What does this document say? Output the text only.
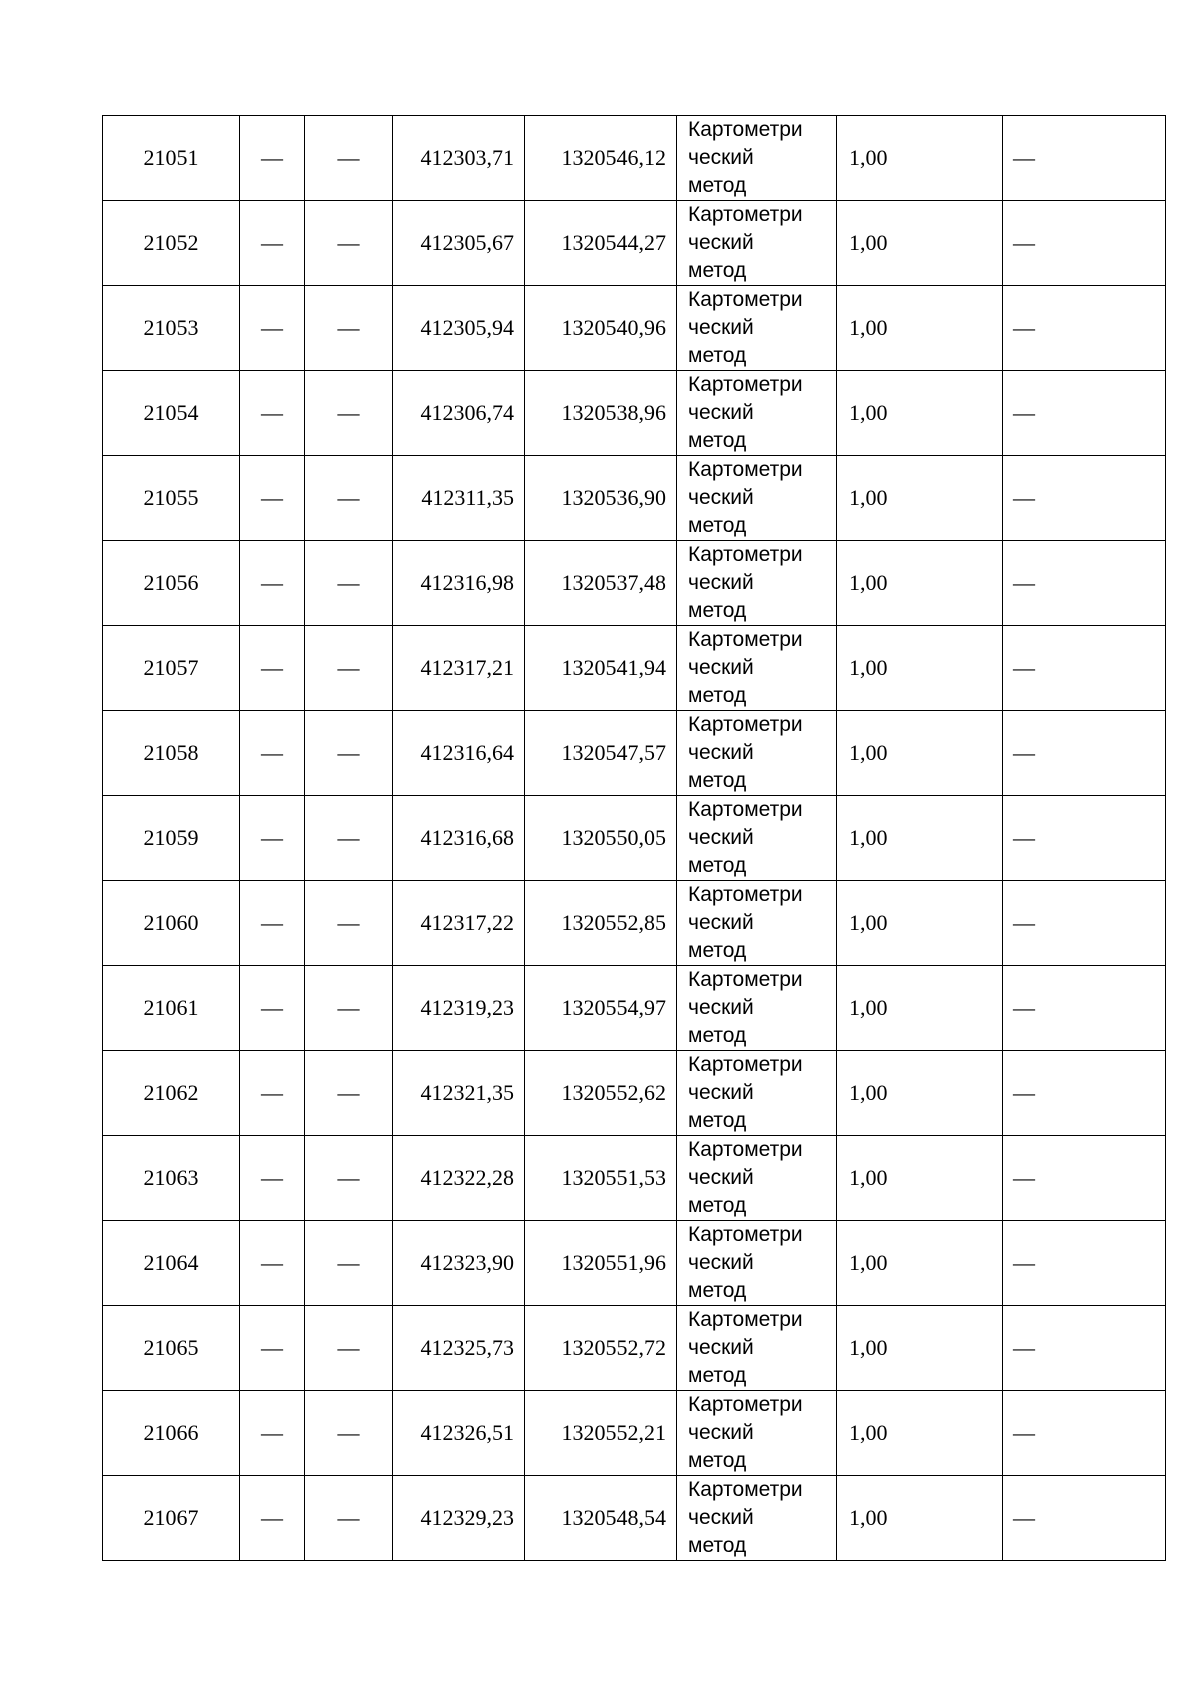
21051	—	—	412303,71	1320546,12	Картометри
ческий
метод	1,00	—
21052	—	—	412305,67	1320544,27	Картометри
ческий
метод	1,00	—
21053	—	—	412305,94	1320540,96	Картометри
ческий
метод	1,00	—
21054	—	—	412306,74	1320538,96	Картометри
ческий
метод	1,00	—
21055	—	—	412311,35	1320536,90	Картометри
ческий
метод	1,00	—
21056	—	—	412316,98	1320537,48	Картометри
ческий
метод	1,00	—
21057	—	—	412317,21	1320541,94	Картометри
ческий
метод	1,00	—
21058	—	—	412316,64	1320547,57	Картометри
ческий
метод	1,00	—
21059	—	—	412316,68	1320550,05	Картометри
ческий
метод	1,00	—
21060	—	—	412317,22	1320552,85	Картометри
ческий
метод	1,00	—
21061	—	—	412319,23	1320554,97	Картометри
ческий
метод	1,00	—
21062	—	—	412321,35	1320552,62	Картометри
ческий
метод	1,00	—
21063	—	—	412322,28	1320551,53	Картометри
ческий
метод	1,00	—
21064	—	—	412323,90	1320551,96	Картометри
ческий
метод	1,00	—
21065	—	—	412325,73	1320552,72	Картометри
ческий
метод	1,00	—
21066	—	—	412326,51	1320552,21	Картометри
ческий
метод	1,00	—
21067	—	—	412329,23	1320548,54	Картометри
ческий
метод	1,00	—
